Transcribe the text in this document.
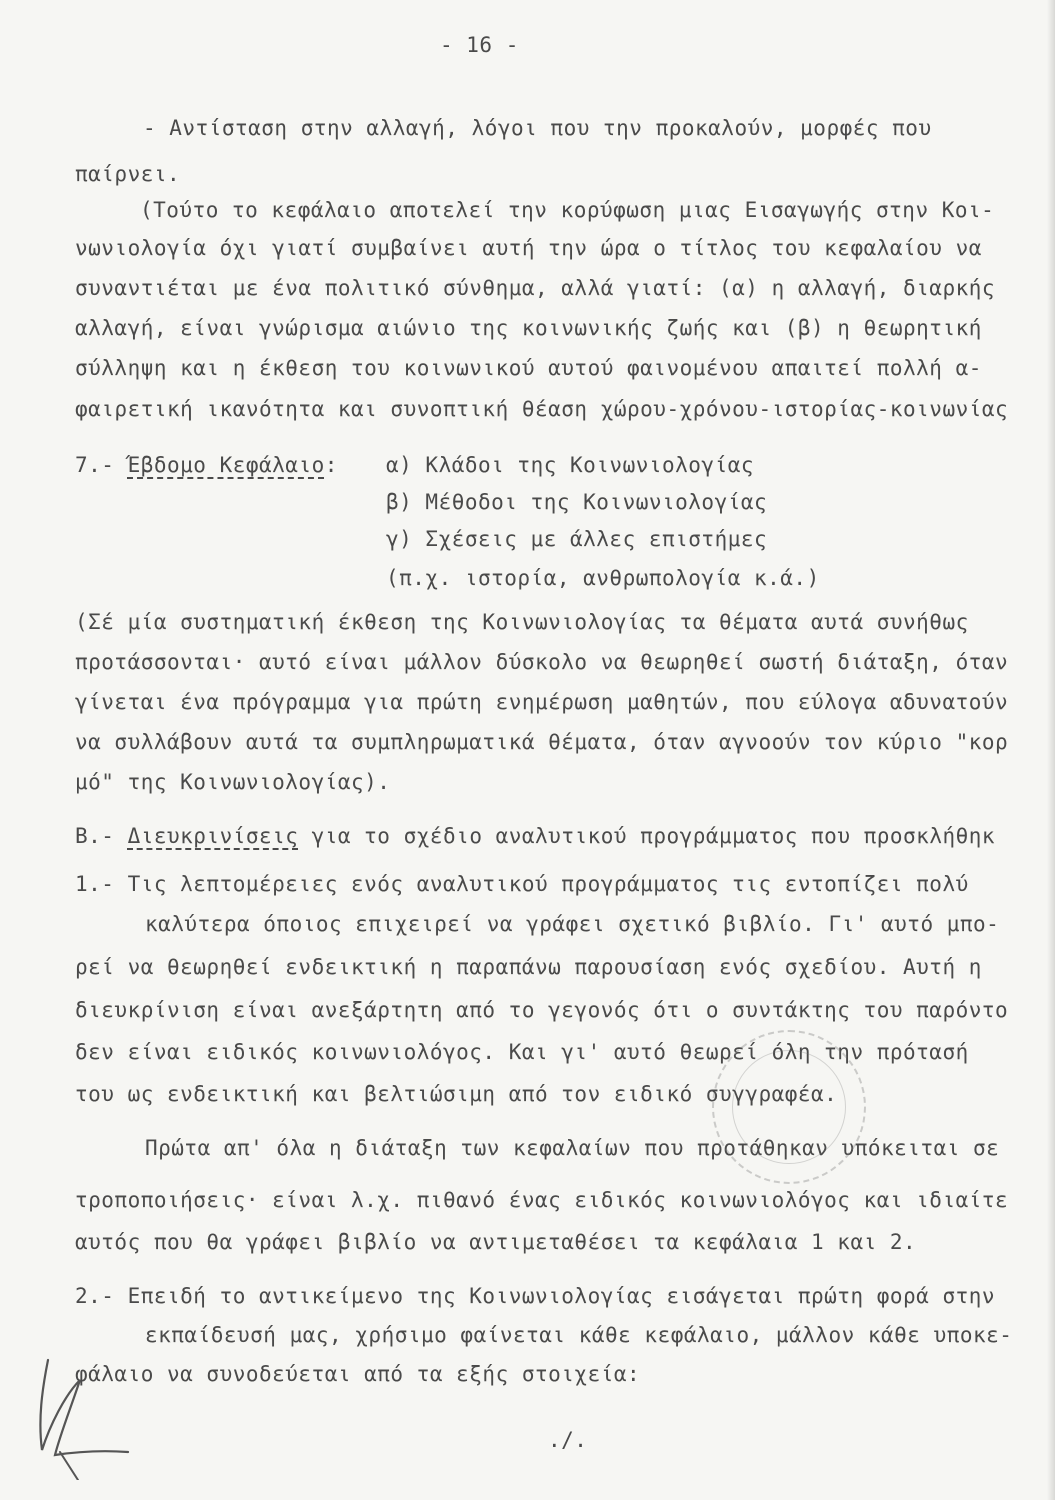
- 16 -
- Αντίσταση στην αλλαγή, λόγοι που την προκαλούν, μορφές που
παίρνει.
(Τούτο το κεφάλαιο αποτελεί την κορύφωση μιας Εισαγωγής στην Κοι-
νωνιολογία όχι γιατί συμβαίνει αυτή την ώρα ο τίτλος του κεφαλαίου να
συναντιέται με ένα πολιτικό σύνθημα, αλλά γιατί: (α) η αλλαγή, διαρκής
αλλαγή, είναι γνώρισμα αιώνιο της κοινωνικής ζωής και (β) η θεωρητική
σύλληψη και η έκθεση του κοινωνικού αυτού φαινομένου απαιτεί πολλή α-
φαιρετική ικανότητα και συνοπτική θέαση χώρου-χρόνου-ιστορίας-κοινωνίας
7.- Έβδομο Κεφάλαιο: α) Κλάδοι της Κοινωνιολογίας
β) Μέθοδοι της Κοινωνιολογίας
γ) Σχέσεις με άλλες επιστήμες
(π.χ. ιστορία, ανθρωπολογία κ.ά.)
(Σέ μία συστηματική έκθεση της Κοινωνιολογίας τα θέματα αυτά συνήθως
προτάσσονται· αυτό είναι μάλλον δύσκολο να θεωρηθεί σωστή διάταξη, όταν
γίνεται ένα πρόγραμμα για πρώτη ενημέρωση μαθητών, που εύλογα αδυνατούν
να συλλάβουν αυτά τα συμπληρωματικά θέματα, όταν αγνοούν τον κύριο "κορ
μό" της Κοινωνιολογίας).
Β.- Διευκρινίσεις για το σχέδιο αναλυτικού προγράμματος που προσκλήθηκ
1.- Τις λεπτομέρειες ενός αναλυτικού προγράμματος τις εντοπίζει πολύ
καλύτερα όποιος επιχειρεί να γράφει σχετικό βιβλίο. Γι' αυτό μπο-
ρεί να θεωρηθεί ενδεικτική η παραπάνω παρουσίαση ενός σχεδίου. Αυτή η
διευκρίνιση είναι ανεξάρτητη από το γεγονός ότι ο συντάκτης του παρόντο
δεν είναι ειδικός κοινωνιολόγος. Και γι' αυτό θεωρεί όλη την πρότασή
του ως ενδεικτική και βελτιώσιμη από τον ειδικό συγγραφέα.
Πρώτα απ' όλα η διάταξη των κεφαλαίων που προτάθηκαν υπόκειται σε
τροποποιήσεις· είναι λ.χ. πιθανό ένας ειδικός κοινωνιολόγος και ιδιαίτε
αυτός που θα γράφει βιβλίο να αντιμεταθέσει τα κεφάλαια 1 και 2.
2.- Επειδή το αντικείμενο της Κοινωνιολογίας εισάγεται πρώτη φορά στην
εκπαίδευσή μας, χρήσιμο φαίνεται κάθε κεφάλαιο, μάλλον κάθε υποκε-
φάλαιο να συνοδεύεται από τα εξής στοιχεία:
./.
